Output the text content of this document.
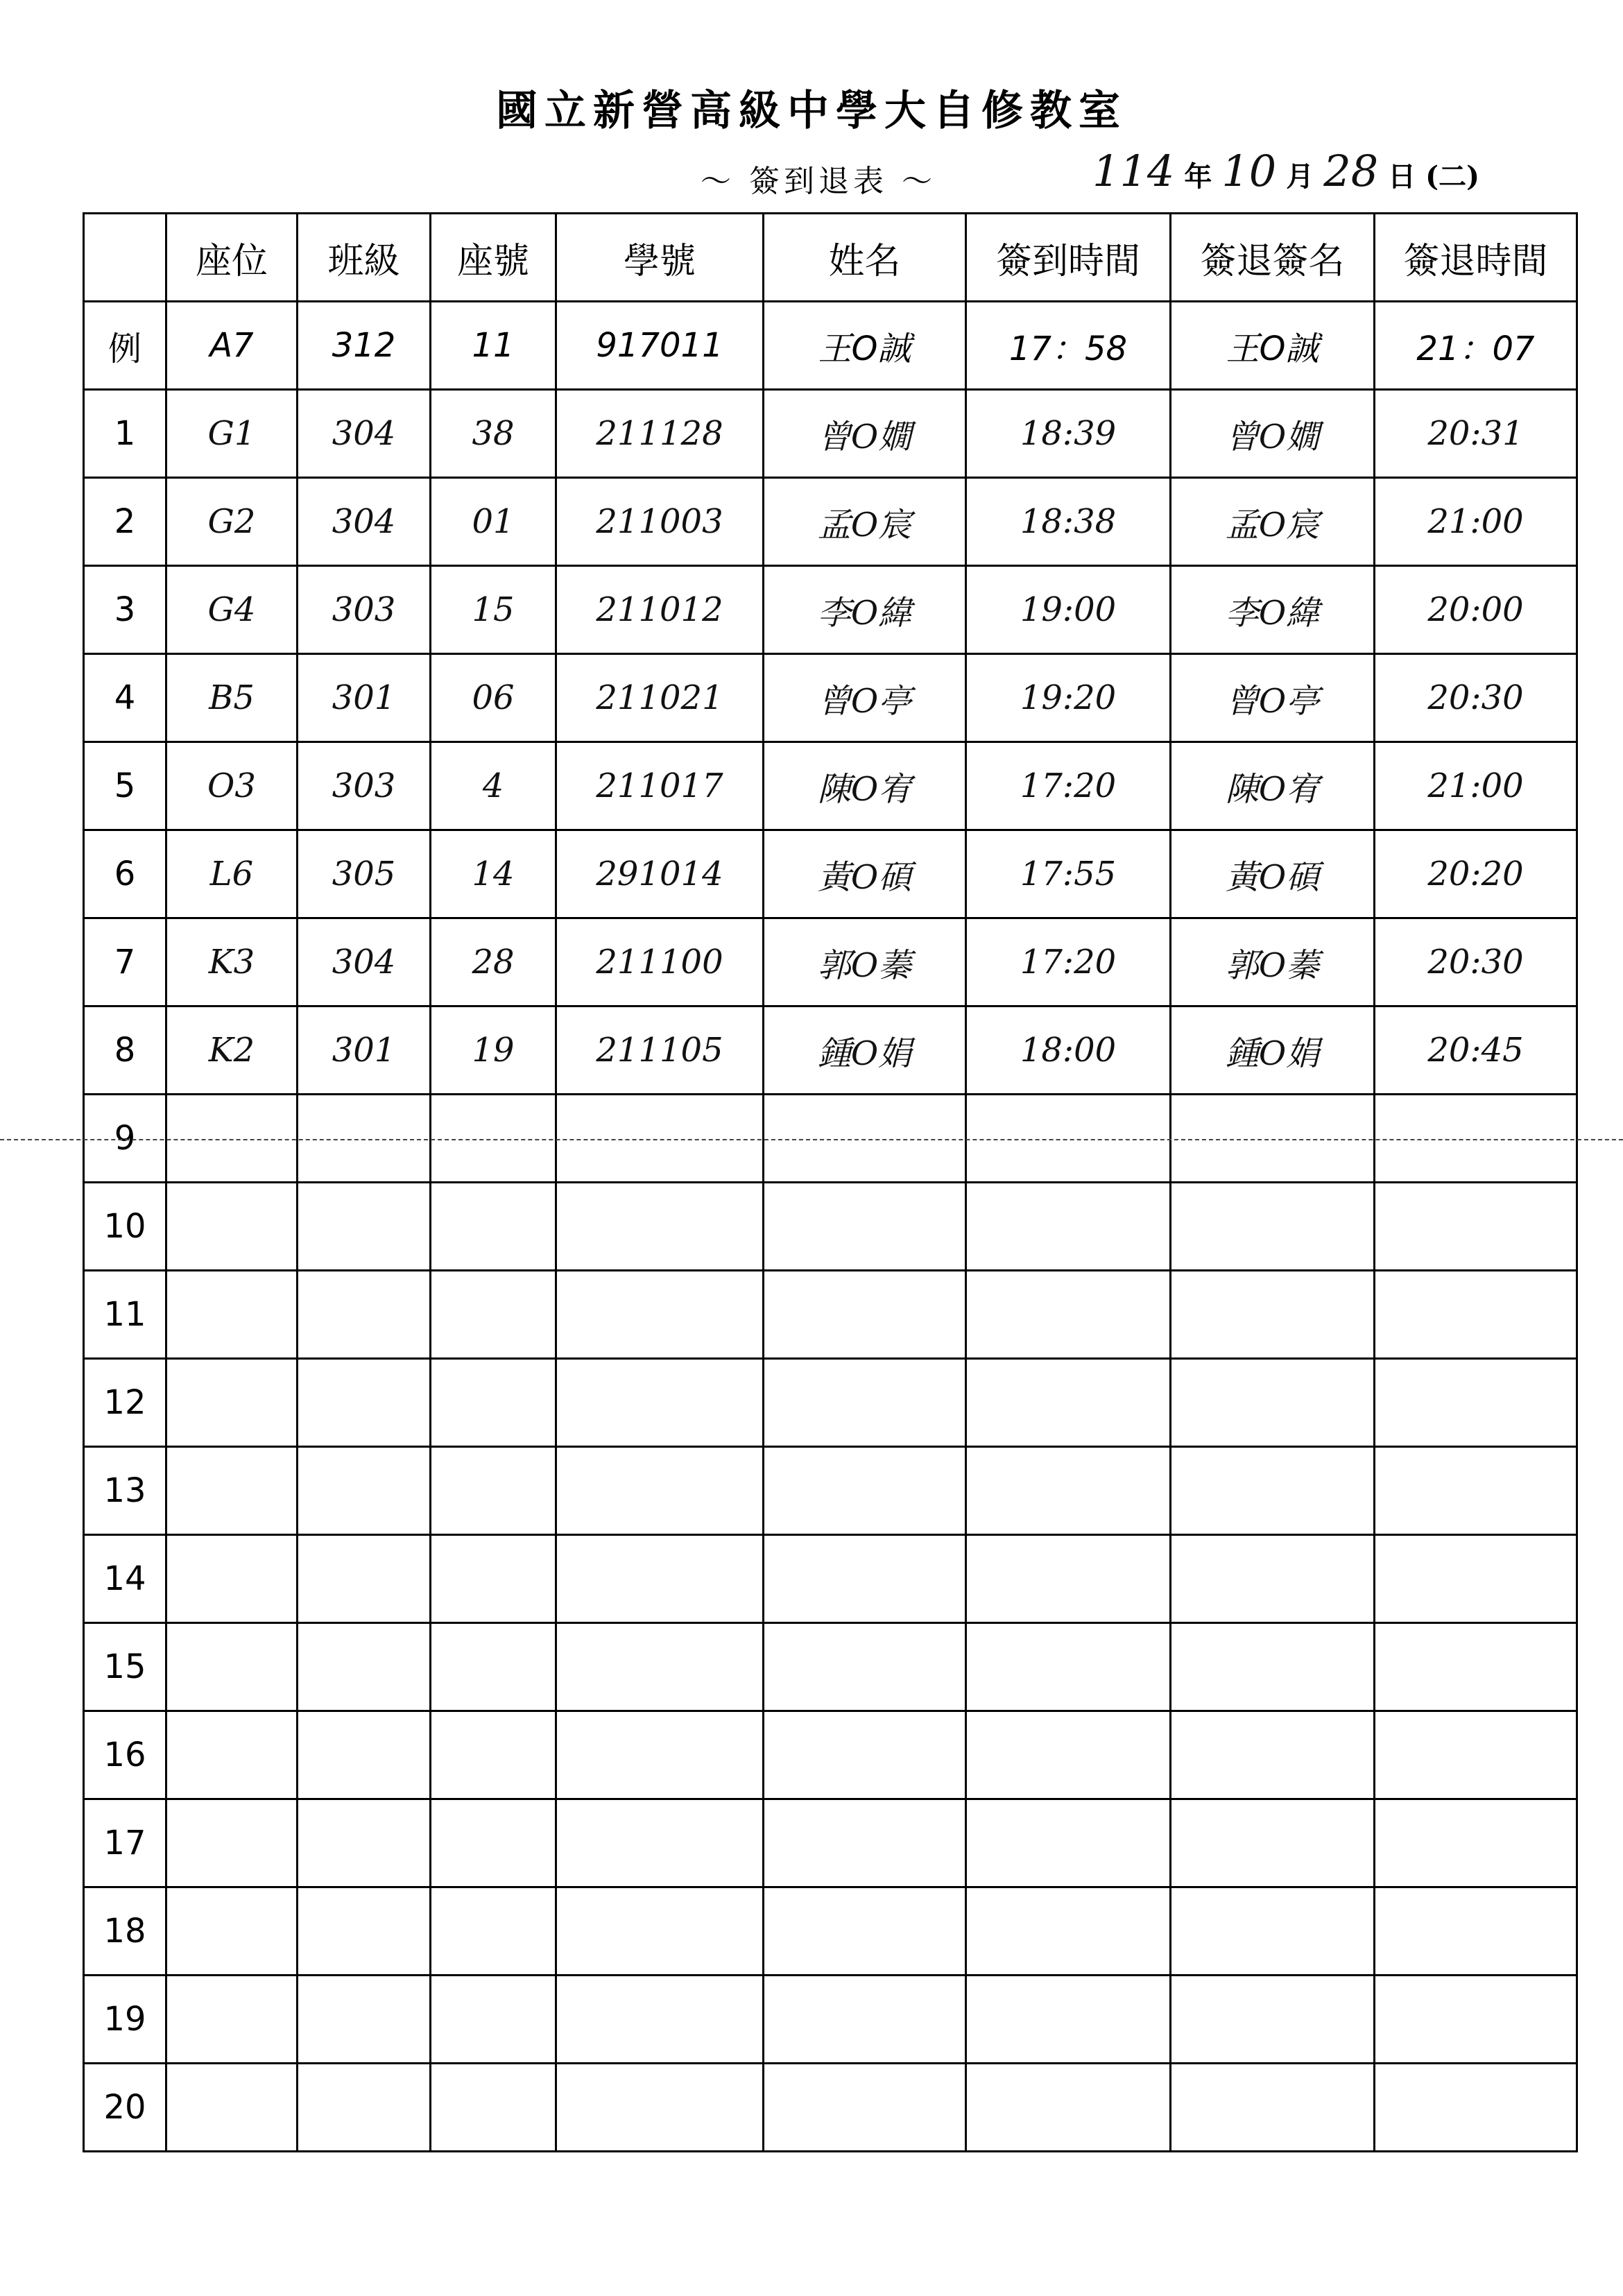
國立新營高級中學大自修教室
～ 簽到退表 ～	114 年 10 月 28 日 (二)
	座位	班級	座號	學號	姓名	簽到時間	簽退簽名	簽退時間
例	A7	312	11	917011	王O誠	17：58	王O誠	21：07
1	G1	304	38	211128	曾O嫺	18:39	曾O嫺	20:31
2	G2	304	01	211003	孟O宸	18:38	孟O宸	21:00
3	G4	303	15	211012	李O緯	19:00	李O緯	20:00
4	B5	301	06	211021	曾O亭	19:20	曾O亭	20:30
5	O3	303	4	211017	陳O宥	17:20	陳O宥	21:00
6	L6	305	14	291014	黃O碩	17:55	黃O碩	20:20
7	K3	304	28	211100	郭O蓁	17:20	郭O蓁	20:30
8	K2	301	19	211105	鍾O娟	18:00	鍾O娟	20:45
9								
10								
11								
12								
13								
14								
15								
16								
17								
18								
19								
20								
